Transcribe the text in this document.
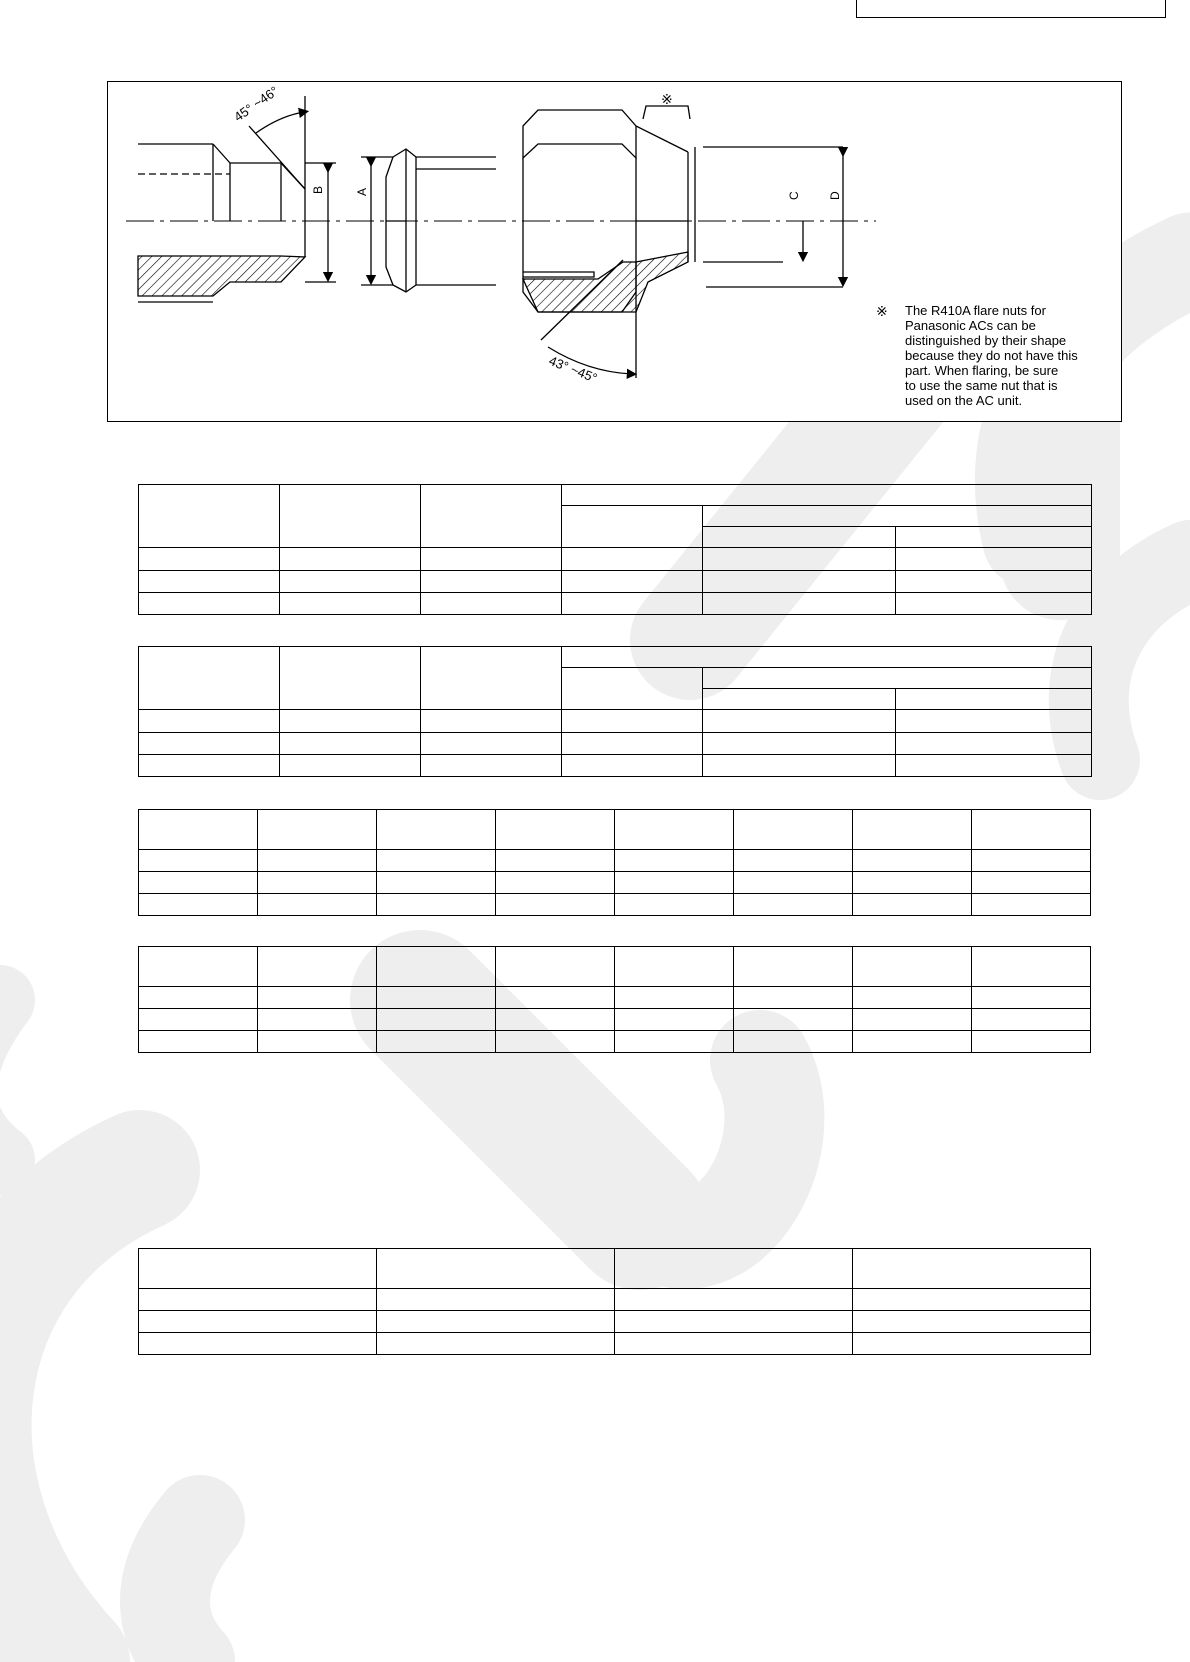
45° ~46°
B	A
※
43° ~45°
C D
※ The R410A flare nuts for
Panasonic ACs can be
distinguished by their shape
because they do not have this
part. When flaring, be sure
to use the same nut that is
used on the AC unit.
